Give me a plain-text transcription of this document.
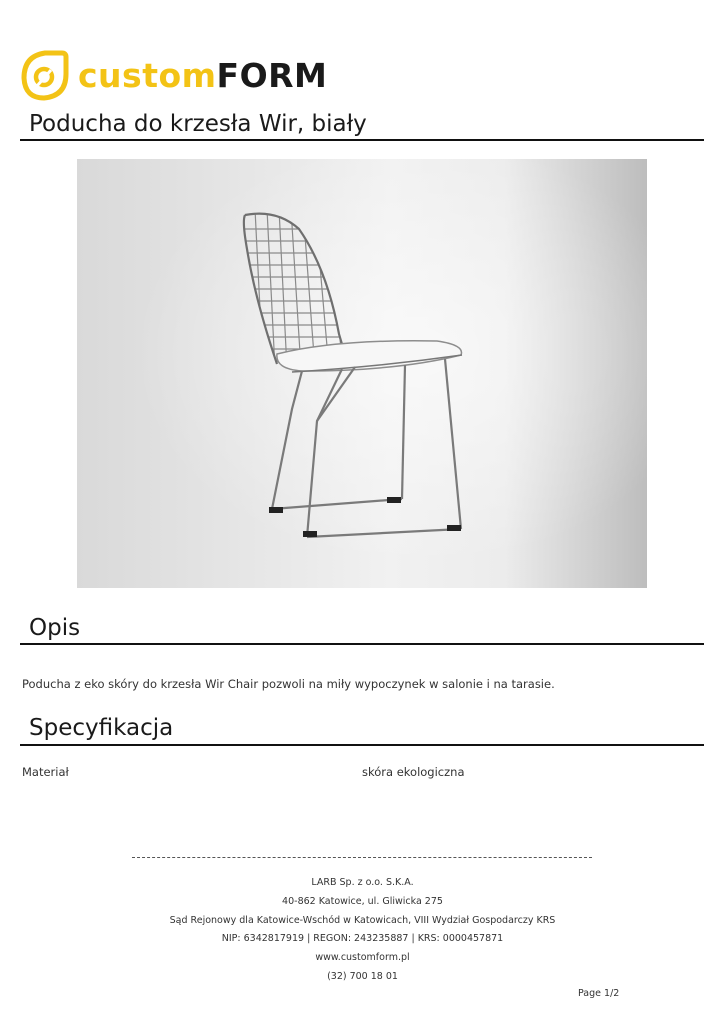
customFORM
Poducha do krzesła Wir, biały
Opis
Poducha z eko skóry do krzesła Wir Chair pozwoli na miły wypoczynek w salonie i na tarasie.
Specyfikacja
Materiał	skóra ekologiczna
LARB Sp. z o.o. S.K.A.
40-862 Katowice, ul. Gliwicka 275
Sąd Rejonowy dla Katowice-Wschód w Katowicach, VIII Wydział Gospodarczy KRS
NIP: 6342817919 | REGON: 243235887 | KRS: 0000457871
www.customform.pl
(32) 700 18 01
Page 1/2
